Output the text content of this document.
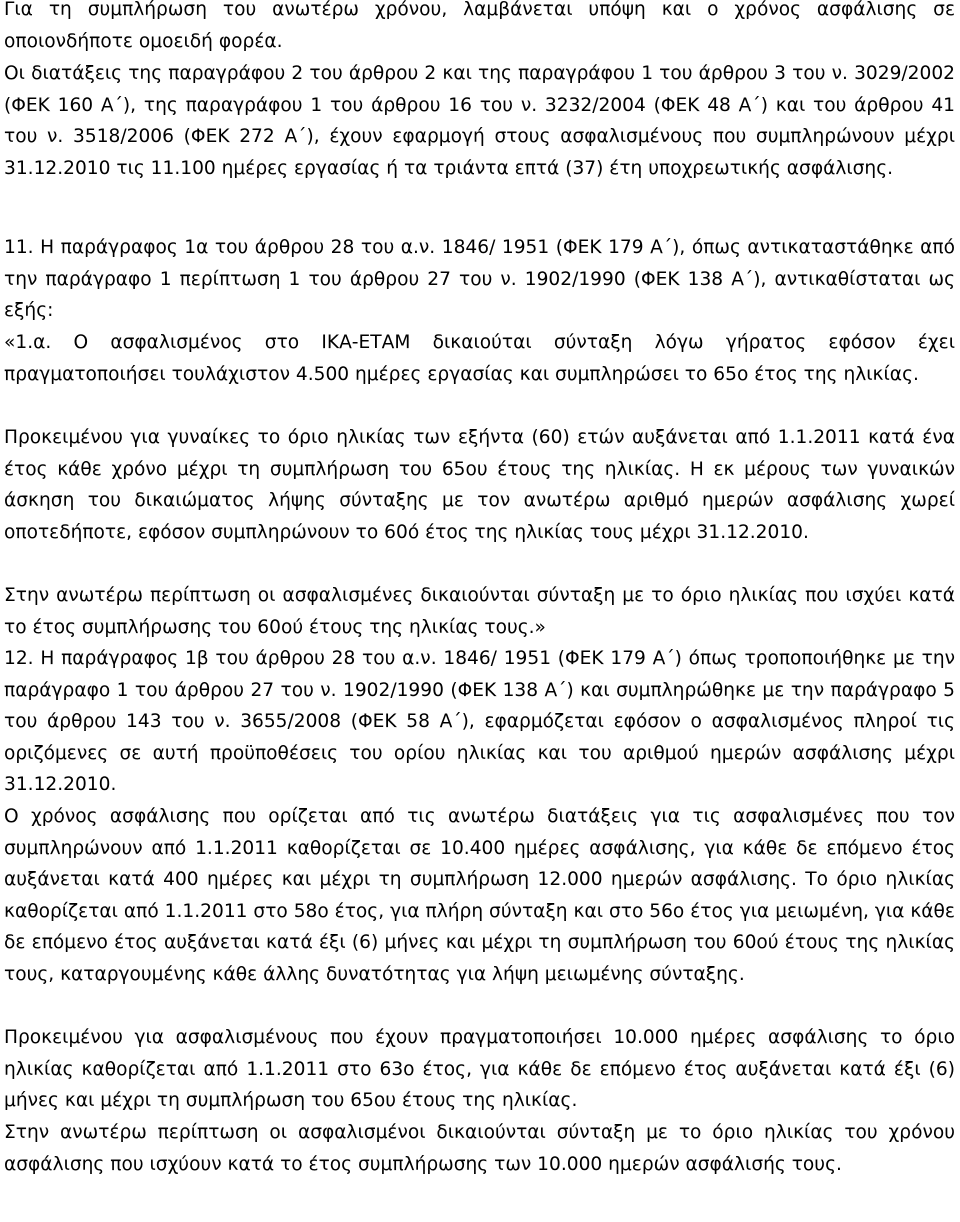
Για τη συμπλήρωση του ανωτέρω χρόνου, λαμβάνεται υπόψη και ο χρόνος ασφάλισης σε οποιονδήποτε ομοειδή φορέα.

Οι διατάξεις της παραγράφου 2 του άρθρου 2 και της παραγράφου 1 του άρθρου 3 του ν. 3029/2002 (ΦΕΚ 160 Α΄), της παραγράφου 1 του άρθρου 16 του ν. 3232/2004 (ΦΕΚ 48 Α΄) και του άρθρου 41 του ν. 3518/2006 (ΦΕΚ 272 Α΄), έχουν εφαρμογή στους ασφαλισμένους που συμπληρώνουν μέχρι 31.12.2010 τις 11.100 ημέρες εργασίας ή τα τριάντα επτά (37) έτη υποχρεωτικής ασφάλισης.

11. Η παράγραφος 1α του άρθρου 28 του α.ν. 1846/ 1951 (ΦΕΚ 179 Α΄), όπως αντικαταστάθηκε από την παράγραφο 1 περίπτωση 1 του άρθρου 27 του ν. 1902/1990 (ΦΕΚ 138 Α΄), αντικαθίσταται ως εξής:

«1.α. Ο ασφαλισμένος στο ΙΚΑ-ΕΤΑΜ δικαιούται σύνταξη λόγω γήρατος εφόσον έχει πραγματοποιήσει τουλάχιστον 4.500 ημέρες εργασίας και συμπληρώσει το 65ο έτος της ηλικίας.

Προκειμένου για γυναίκες το όριο ηλικίας των εξήντα (60) ετών αυξάνεται από 1.1.2011 κατά ένα έτος κάθε χρόνο μέχρι τη συμπλήρωση του 65ου έτους της ηλικίας. Η εκ μέρους των γυναικών άσκηση του δικαιώματος λήψης σύνταξης με τον ανωτέρω αριθμό ημερών ασφάλισης χωρεί οποτεδήποτε, εφόσον συμπληρώνουν το 60ό έτος της ηλικίας τους μέχρι 31.12.2010.

Στην ανωτέρω περίπτωση οι ασφαλισμένες δικαιούνται σύνταξη με το όριο ηλικίας που ισχύει κατά το έτος συμπλήρωσης του 60ού έτους της ηλικίας τους.»

12. Η παράγραφος 1β του άρθρου 28 του α.ν. 1846/ 1951 (ΦΕΚ 179 Α΄) όπως τροποποιήθηκε με την παράγραφο 1 του άρθρου 27 του ν. 1902/1990 (ΦΕΚ 138 Α΄) και συμπληρώθηκε με την παράγραφο 5 του άρθρου 143 του ν. 3655/2008 (ΦΕΚ 58 Α΄), εφαρμόζεται εφόσον ο ασφαλισμένος πληροί τις οριζόμενες σε αυτή προϋποθέσεις του ορίου ηλικίας και του αριθμού ημερών ασφάλισης μέχρι 31.12.2010.

Ο χρόνος ασφάλισης που ορίζεται από τις ανωτέρω διατάξεις για τις ασφαλισμένες που τον συμπληρώνουν από 1.1.2011 καθορίζεται σε 10.400 ημέρες ασφάλισης, για κάθε δε επόμενο έτος αυξάνεται κατά 400 ημέρες και μέχρι τη συμπλήρωση 12.000 ημερών ασφάλισης. Το όριο ηλικίας καθορίζεται από 1.1.2011 στο 58ο έτος, για πλήρη σύνταξη και στο 56ο έτος για μειωμένη, για κάθε δε επόμενο έτος αυξάνεται κατά έξι (6) μήνες και μέχρι τη συμπλήρωση του 60ού έτους της ηλικίας τους, καταργουμένης κάθε άλλης δυνατότητας για λήψη μειωμένης σύνταξης.

Προκειμένου για ασφαλισμένους που έχουν πραγματοποιήσει 10.000 ημέρες ασφάλισης το όριο ηλικίας καθορίζεται από 1.1.2011 στο 63ο έτος, για κάθε δε επόμενο έτος αυξάνεται κατά έξι (6) μήνες και μέχρι τη συμπλήρωση του 65ου έτους της ηλικίας.

Στην ανωτέρω περίπτωση οι ασφαλισμένοι δικαιούνται σύνταξη με το όριο ηλικίας του χρόνου ασφάλισης που ισχύουν κατά το έτος συμπλήρωσης των 10.000 ημερών ασφάλισής τους.
